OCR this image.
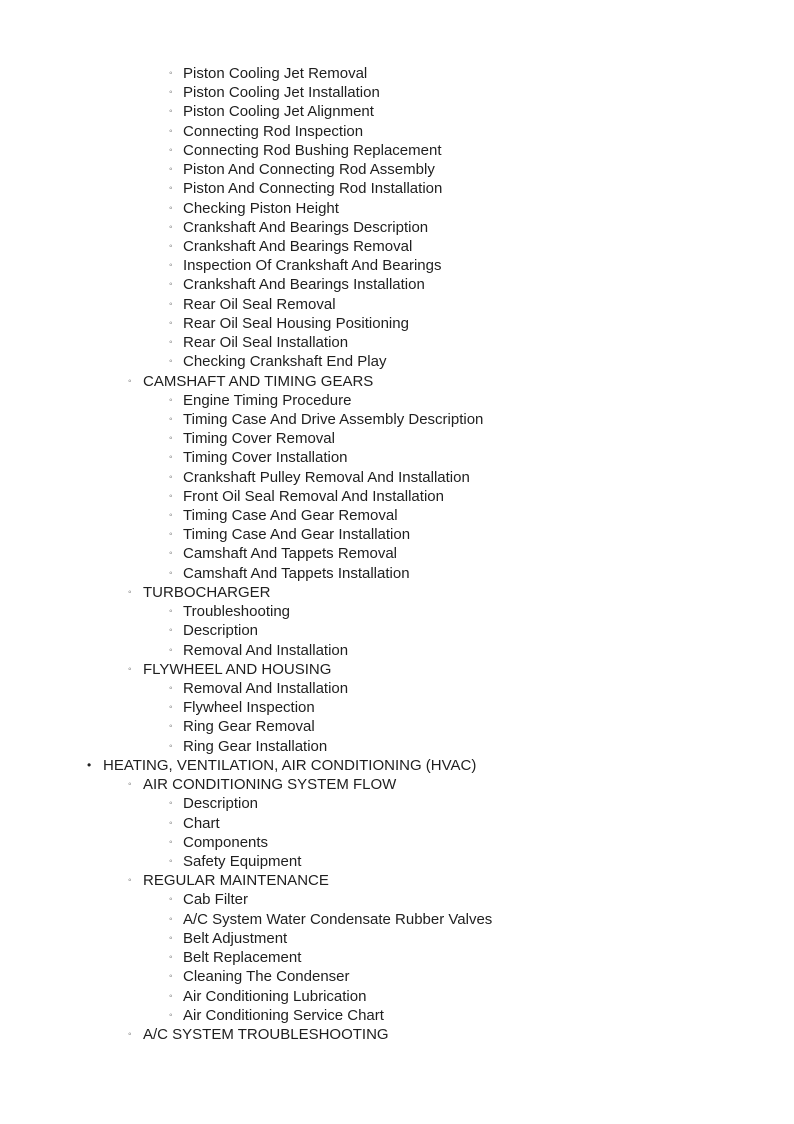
◦ Piston Cooling Jet Removal
◦ Piston Cooling Jet Installation
◦ Piston Cooling Jet Alignment
◦ Connecting Rod Inspection
◦ Connecting Rod Bushing Replacement
◦ Piston And Connecting Rod Assembly
◦ Piston And Connecting Rod Installation
◦ Checking Piston Height
◦ Crankshaft And Bearings Description
◦ Crankshaft And Bearings Removal
◦ Inspection Of Crankshaft And Bearings
◦ Crankshaft And Bearings Installation
◦ Rear Oil Seal Removal
◦ Rear Oil Seal Housing Positioning
◦ Rear Oil Seal Installation
◦ Checking Crankshaft End Play
◦ CAMSHAFT AND TIMING GEARS
◦ Engine Timing Procedure
◦ Timing Case And Drive Assembly Description
◦ Timing Cover Removal
◦ Timing Cover Installation
◦ Crankshaft Pulley Removal And Installation
◦ Front Oil Seal Removal And Installation
◦ Timing Case And Gear Removal
◦ Timing Case And Gear Installation
◦ Camshaft And Tappets Removal
◦ Camshaft And Tappets Installation
◦ TURBOCHARGER
◦ Troubleshooting
◦ Description
◦ Removal And Installation
◦ FLYWHEEL AND HOUSING
◦ Removal And Installation
◦ Flywheel Inspection
◦ Ring Gear Removal
◦ Ring Gear Installation
• HEATING, VENTILATION, AIR CONDITIONING (HVAC)
◦ AIR CONDITIONING SYSTEM FLOW
◦ Description
◦ Chart
◦ Components
◦ Safety Equipment
◦ REGULAR MAINTENANCE
◦ Cab Filter
◦ A/C System Water Condensate Rubber Valves
◦ Belt Adjustment
◦ Belt Replacement
◦ Cleaning The Condenser
◦ Air Conditioning Lubrication
◦ Air Conditioning Service Chart
◦ A/C SYSTEM TROUBLESHOOTING
